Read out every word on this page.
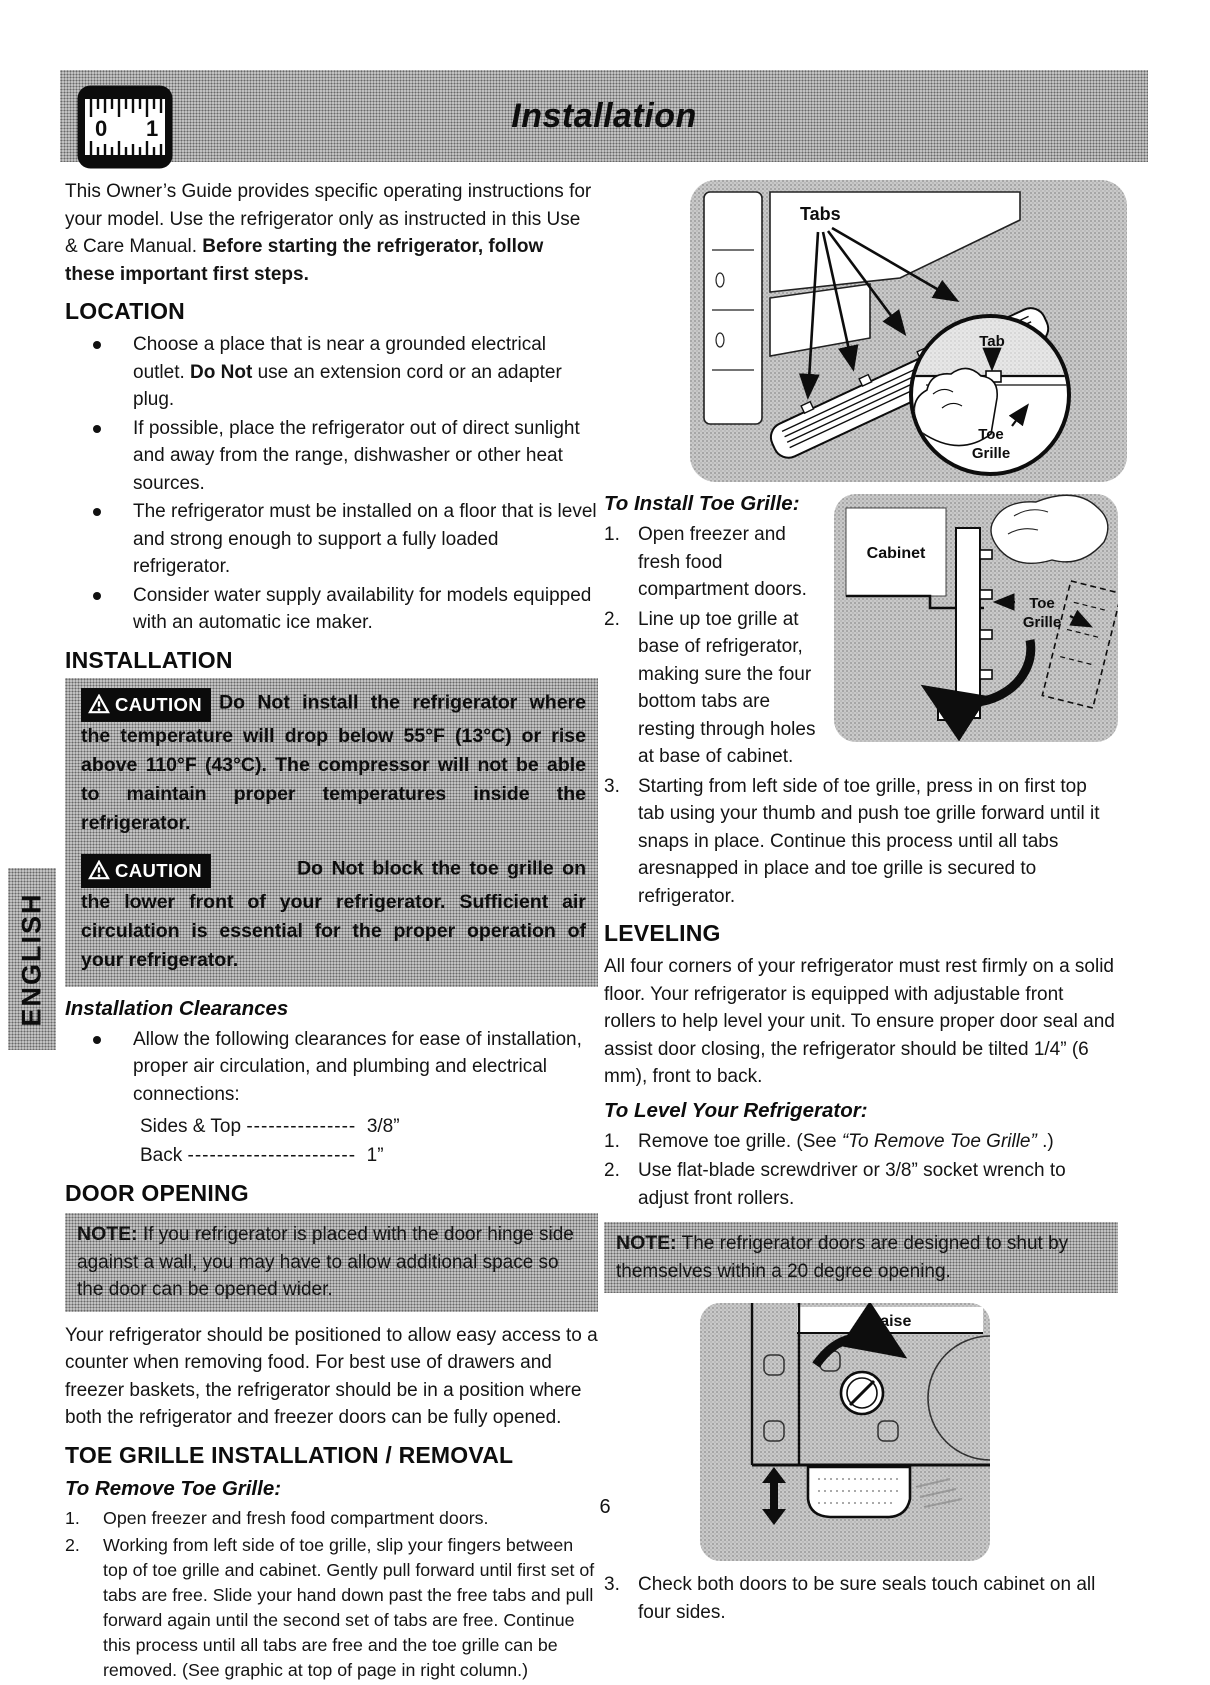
Installation
0 1
ENGLISH

This Owner’s Guide provides specific operating instructions for your model. Use the refrigerator only as instructed in this Use & Care Manual. Before starting the refrigerator, follow these important first steps.

LOCATION
Choose a place that is near a grounded electrical outlet. Do Not use an extension cord or an adapter plug.
If possible, place the refrigerator out of direct sunlight and away from the range, dishwasher or other heat sources.
The refrigerator must be installed on a floor that is level and strong enough to support a fully loaded refrigerator.
Consider water supply availability for models equipped with an automatic ice maker.
INSTALLATION

CAUTION Do Not install the refrigerator where the temperature will drop below 55°F (13°C) or rise above 110°F (43°C). The compressor will not be able to maintain proper temperatures inside the refrigerator.

CAUTION	Do Not block the toe grille on the lower front of your refrigerator. Sufficient air circulation is essential for the proper operation of your refrigerator.

Installation Clearances
Allow the following clearances for ease of installation, proper air circulation, and plumbing and electrical connections:
Sides & Top --------------- 3/8”
Back ----------------------- 1”
DOOR OPENING
NOTE: If you refrigerator is placed with the door hinge side against a wall, you may have to allow additional space so the door can be opened wider.

Your refrigerator should be positioned to allow easy access to a counter when removing food. For best use of drawers and freezer baskets, the refrigerator should be in a position where both the refrigerator and freezer doors can be fully opened.

TOE GRILLE INSTALLATION / REMOVAL
To Remove Toe Grille:
1. Open freezer and fresh food compartment doors.
2. Working from left side of toe grille, slip your fingers between top of toe grille and cabinet. Gently pull forward until first set of tabs are free. Slide your hand down past the free tabs and pull forward again until the second set of tabs are free. Continue this process until all tabs are free and the toe grille can be removed. (See graphic at top of page in right column.)
Tabs
Tab
Toe
Grille
Cabinet
Toe
Grille
To Install Toe Grille:
1. Open freezer and fresh food compartment doors.
2. Line up toe grille at base of refrigerator, making sure the four bottom tabs are resting through holes at base of cabinet.
3. Starting from left side of toe grille, press in on first top tab using your thumb and push toe grille forward until it snaps in place. Continue this process until all tabs aresnapped in place and toe grille is secured to refrigerator.
LEVELING

All four corners of your refrigerator must rest firmly on a solid floor. Your refrigerator is equipped with adjustable front rollers to help level your unit. To ensure proper door seal and assist door closing, the refrigerator should be tilted 1/4” (6 mm), front to back.

To Level Your Refrigerator:
1. Remove toe grille. (See “To Remove Toe Grille” .)
2. Use flat-blade screwdriver or 3/8” socket wrench to adjust front rollers.
NOTE: The refrigerator doors are designed to shut by themselves within a 20 degree opening.
Raise
3. Check both doors to be sure seals touch cabinet on all four sides.
6
